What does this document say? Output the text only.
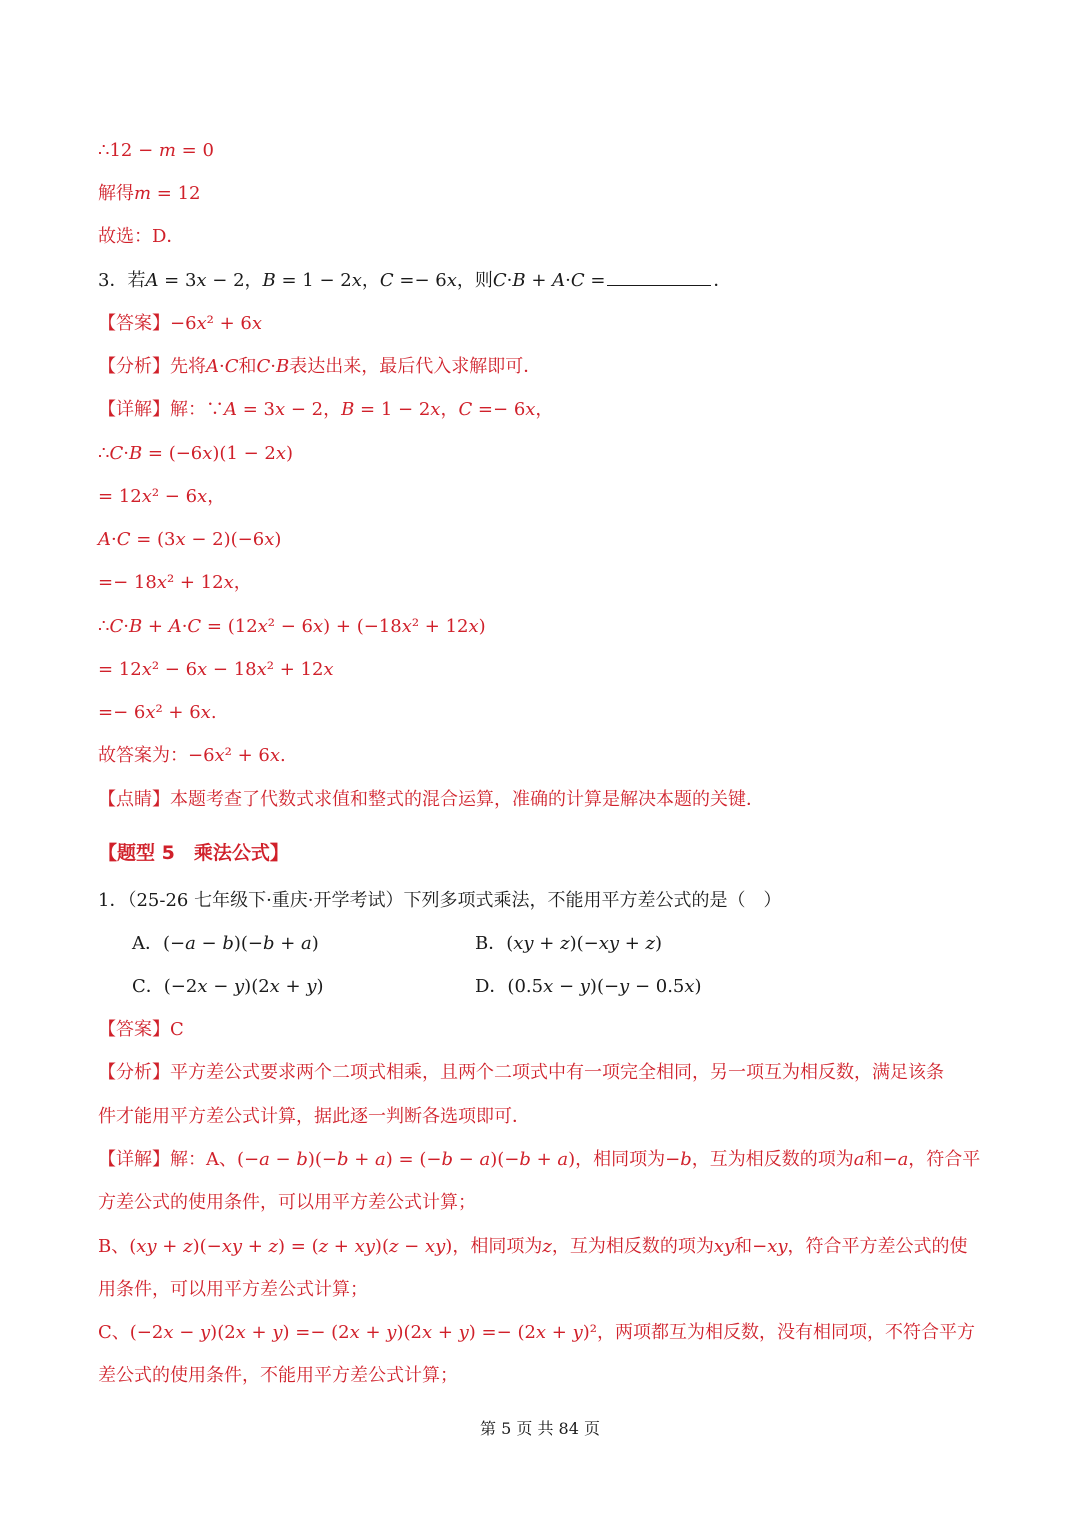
∴12 − 𝑚 = 0
解得𝑚 = 12
故选：D．
3．若𝐴 = 3𝑥 − 2，𝐵 = 1 − 2𝑥，𝐶 =− 6𝑥，则𝐶·𝐵 + 𝐴·𝐶 =	．
【答案】−6𝑥² + 6𝑥
【分析】先将𝐴·𝐶和𝐶·𝐵表达出来，最后代入求解即可．
【详解】解：∵𝐴 = 3𝑥 − 2，𝐵 = 1 − 2𝑥，𝐶 =− 6𝑥，
∴𝐶·𝐵 = (−6𝑥)(1 − 2𝑥)
= 12𝑥² − 6𝑥，
𝐴·𝐶 = (3𝑥 − 2)(−6𝑥)
=− 18𝑥² + 12𝑥，
∴𝐶·𝐵 + 𝐴·𝐶 = (12𝑥² − 6𝑥) + (−18𝑥² + 12𝑥)
= 12𝑥² − 6𝑥 − 18𝑥² + 12𝑥
=− 6𝑥² + 6𝑥.
故答案为：−6𝑥² + 6𝑥.
【点睛】本题考查了代数式求值和整式的混合运算，准确的计算是解决本题的关键．
【题型 5　乘法公式】
1．（25-26 七年级下·重庆·开学考试）下列多项式乘法，不能用平方差公式的是（　）
A．(−𝑎 − 𝑏)(−𝑏 + 𝑎)	B．(𝑥𝑦 + 𝑧)(−𝑥𝑦 + 𝑧)
C．(−2𝑥 − 𝑦)(2𝑥 + 𝑦)	D．(0.5𝑥 − 𝑦)(−𝑦 − 0.5𝑥)
【答案】C
【分析】平方差公式要求两个二项式相乘，且两个二项式中有一项完全相同，另一项互为相反数，满足该条
件才能用平方差公式计算，据此逐一判断各选项即可．
【详解】解：A、(−𝑎 − 𝑏)(−𝑏 + 𝑎) = (−𝑏 − 𝑎)(−𝑏 + 𝑎)，相同项为−𝑏，互为相反数的项为𝑎和−𝑎，符合平
方差公式的使用条件，可以用平方差公式计算；
B、(𝑥𝑦 + 𝑧)(−𝑥𝑦 + 𝑧) = (𝑧 + 𝑥𝑦)(𝑧 − 𝑥𝑦)，相同项为𝑧，互为相反数的项为𝑥𝑦和−𝑥𝑦，符合平方差公式的使
用条件，可以用平方差公式计算；
C、(−2𝑥 − 𝑦)(2𝑥 + 𝑦) =− (2𝑥 + 𝑦)(2𝑥 + 𝑦) =− (2𝑥 + 𝑦)²，两项都互为相反数，没有相同项，不符合平方
差公式的使用条件，不能用平方差公式计算；
第 5 页 共 84 页
